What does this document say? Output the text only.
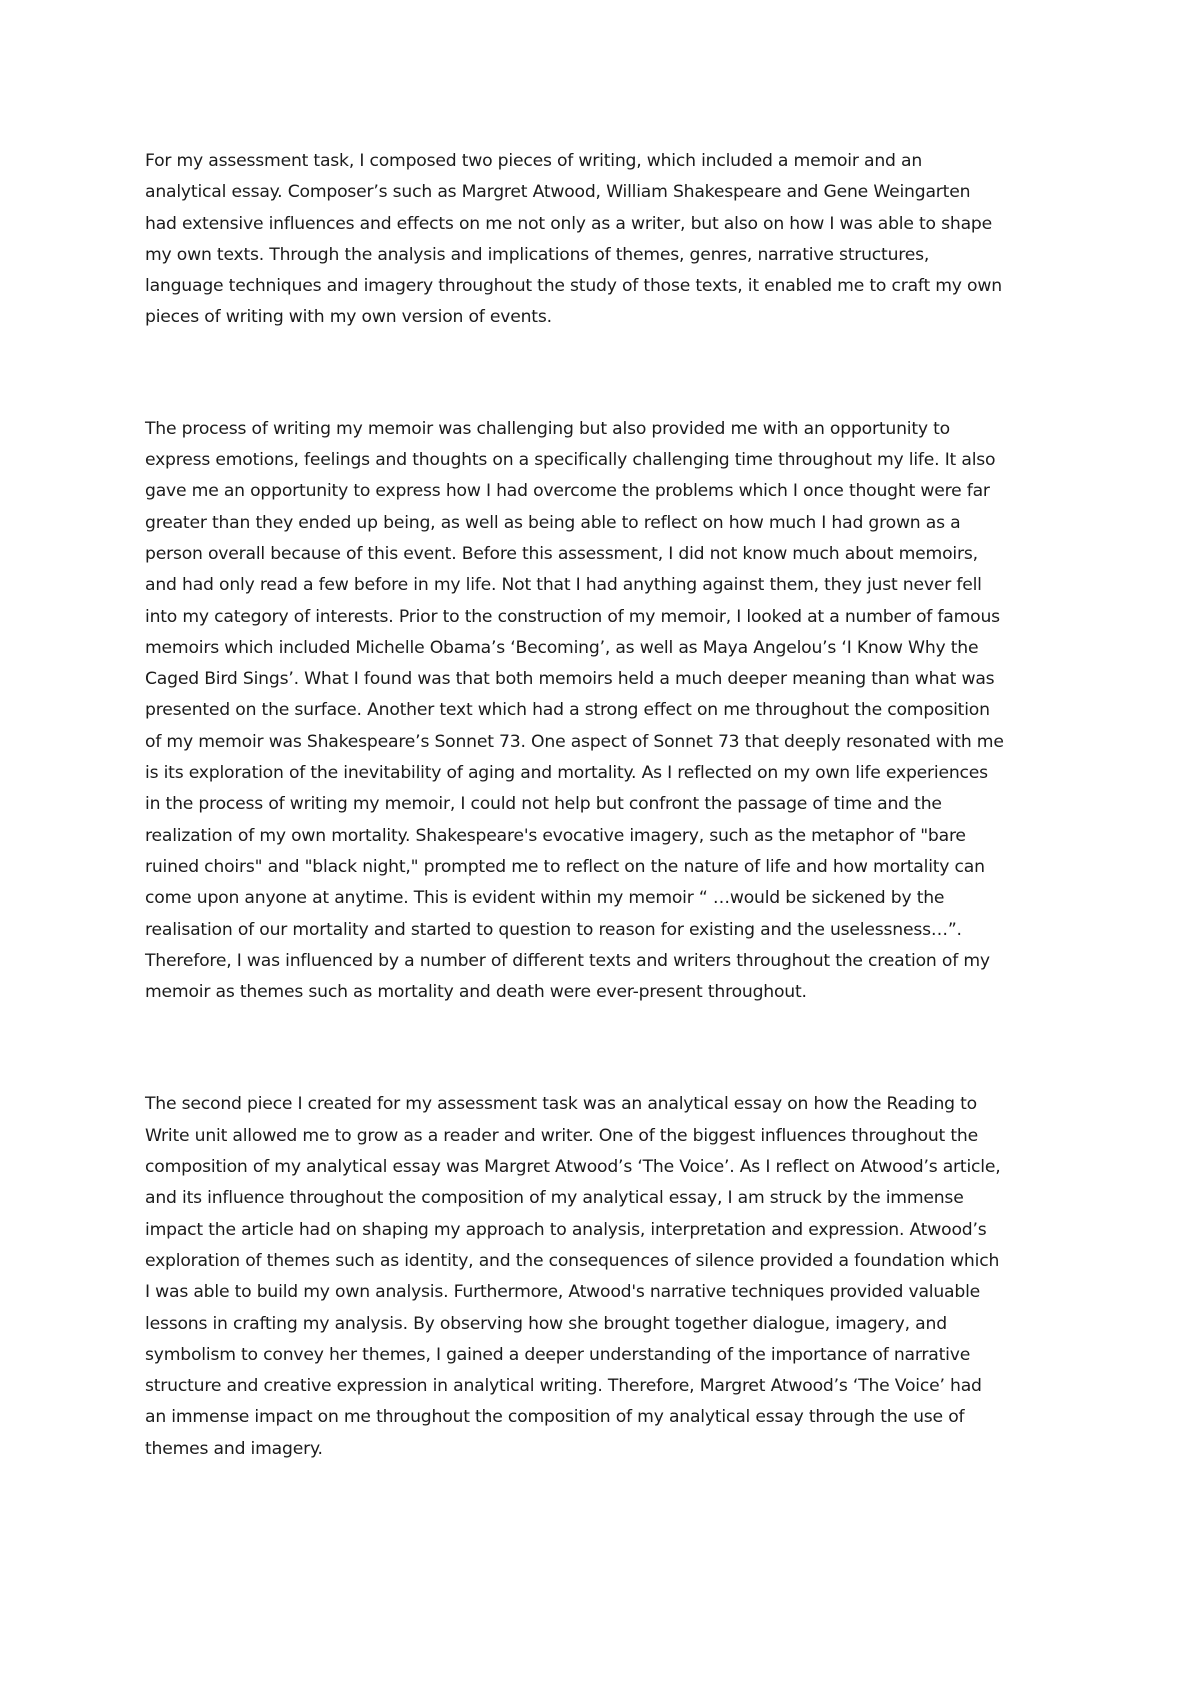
For my assessment task, I composed two pieces of writing, which included a memoir and an
analytical essay. Composer’s such as Margret Atwood, William Shakespeare and Gene Weingarten
had extensive influences and effects on me not only as a writer, but also on how I was able to shape
my own texts. Through the analysis and implications of themes, genres, narrative structures,
language techniques and imagery throughout the study of those texts, it enabled me to craft my own
pieces of writing with my own version of events.
The process of writing my memoir was challenging but also provided me with an opportunity to
express emotions, feelings and thoughts on a specifically challenging time throughout my life. It also
gave me an opportunity to express how I had overcome the problems which I once thought were far
greater than they ended up being, as well as being able to reflect on how much I had grown as a
person overall because of this event. Before this assessment, I did not know much about memoirs,
and had only read a few before in my life. Not that I had anything against them, they just never fell
into my category of interests. Prior to the construction of my memoir, I looked at a number of famous
memoirs which included Michelle Obama’s ‘Becoming’, as well as Maya Angelou’s ‘I Know Why the
Caged Bird Sings’. What I found was that both memoirs held a much deeper meaning than what was
presented on the surface. Another text which had a strong effect on me throughout the composition
of my memoir was Shakespeare’s Sonnet 73. One aspect of Sonnet 73 that deeply resonated with me
is its exploration of the inevitability of aging and mortality. As I reflected on my own life experiences
in the process of writing my memoir, I could not help but confront the passage of time and the
realization of my own mortality. Shakespeare's evocative imagery, such as the metaphor of "bare
ruined choirs" and "black night," prompted me to reflect on the nature of life and how mortality can
come upon anyone at anytime. This is evident within my memoir “ …would be sickened by the
realisation of our mortality and started to question to reason for existing and the uselessness…”.
Therefore, I was influenced by a number of different texts and writers throughout the creation of my
memoir as themes such as mortality and death were ever-present throughout.
The second piece I created for my assessment task was an analytical essay on how the Reading to
Write unit allowed me to grow as a reader and writer. One of the biggest influences throughout the
composition of my analytical essay was Margret Atwood’s ‘The Voice’. As I reflect on Atwood’s article,
and its influence throughout the composition of my analytical essay, I am struck by the immense
impact the article had on shaping my approach to analysis, interpretation and expression. Atwood’s
exploration of themes such as identity, and the consequences of silence provided a foundation which
I was able to build my own analysis. Furthermore, Atwood's narrative techniques provided valuable
lessons in crafting my analysis. By observing how she brought together dialogue, imagery, and
symbolism to convey her themes, I gained a deeper understanding of the importance of narrative
structure and creative expression in analytical writing. Therefore, Margret Atwood’s ‘The Voice’ had
an immense impact on me throughout the composition of my analytical essay through the use of
themes and imagery.
